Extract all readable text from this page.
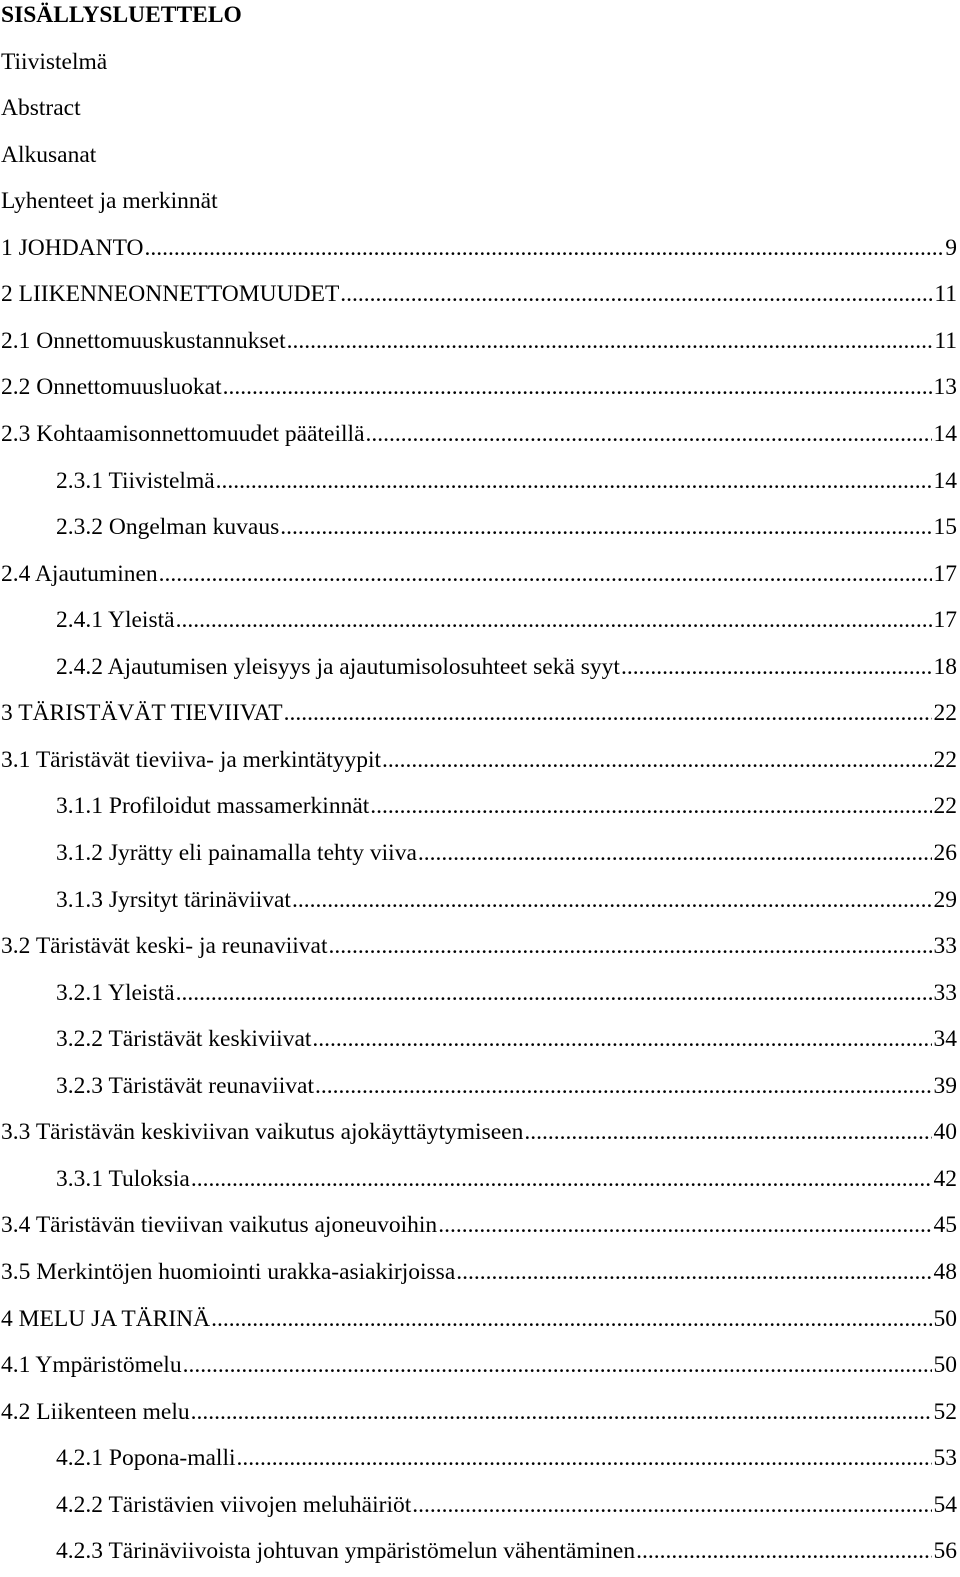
SISÄLLYSLUETTELO
Tiivistelmä
Abstract
Alkusanat
Lyhenteet ja merkinnät
1 JOHDANTO .....	9
2 LIIKENNEONNETTOMUUDET .....	11
2.1 Onnettomuuskustannukset .....	11
2.2 Onnettomuusluokat .....	13
2.3 Kohtaamisonnettomuudet pääteillä .....	14
2.3.1 Tiivistelmä .....	14
2.3.2 Ongelman kuvaus .....	15
2.4 Ajautuminen .....	17
2.4.1 Yleistä .....	17
2.4.2 Ajautumisen yleisyys ja ajautumisolosuhteet sekä syyt .....	18
3 TÄRISTÄVÄT TIEVIIVAT .....	22
3.1 Täristävät tieviiva- ja merkintätyypit .....	22
3.1.1 Profiloidut massamerkinnät .....	22
3.1.2 Jyrätty eli painamalla tehty viiva .....	26
3.1.3 Jyrsityt tärinäviivat .....	29
3.2 Täristävät keski- ja reunaviivat .....	33
3.2.1 Yleistä .....	33
3.2.2 Täristävät keskiviivat .....	34
3.2.3 Täristävät reunaviivat .....	39
3.3 Täristävän keskiviivan vaikutus ajokäyttäytymiseen .....	40
3.3.1 Tuloksia .....	42
3.4 Täristävän tieviivan vaikutus ajoneuvoihin .....	45
3.5 Merkintöjen huomiointi urakka-asiakirjoissa .....	48
4 MELU JA TÄRINÄ .....	50
4.1 Ympäristömelu .....	50
4.2 Liikenteen melu .....	52
4.2.1 Popona-malli .....	53
4.2.2 Täristävien viivojen meluhäiriöt .....	54
4.2.3 Tärinäviivoista johtuvan ympäristömelun vähentäminen .....	56
